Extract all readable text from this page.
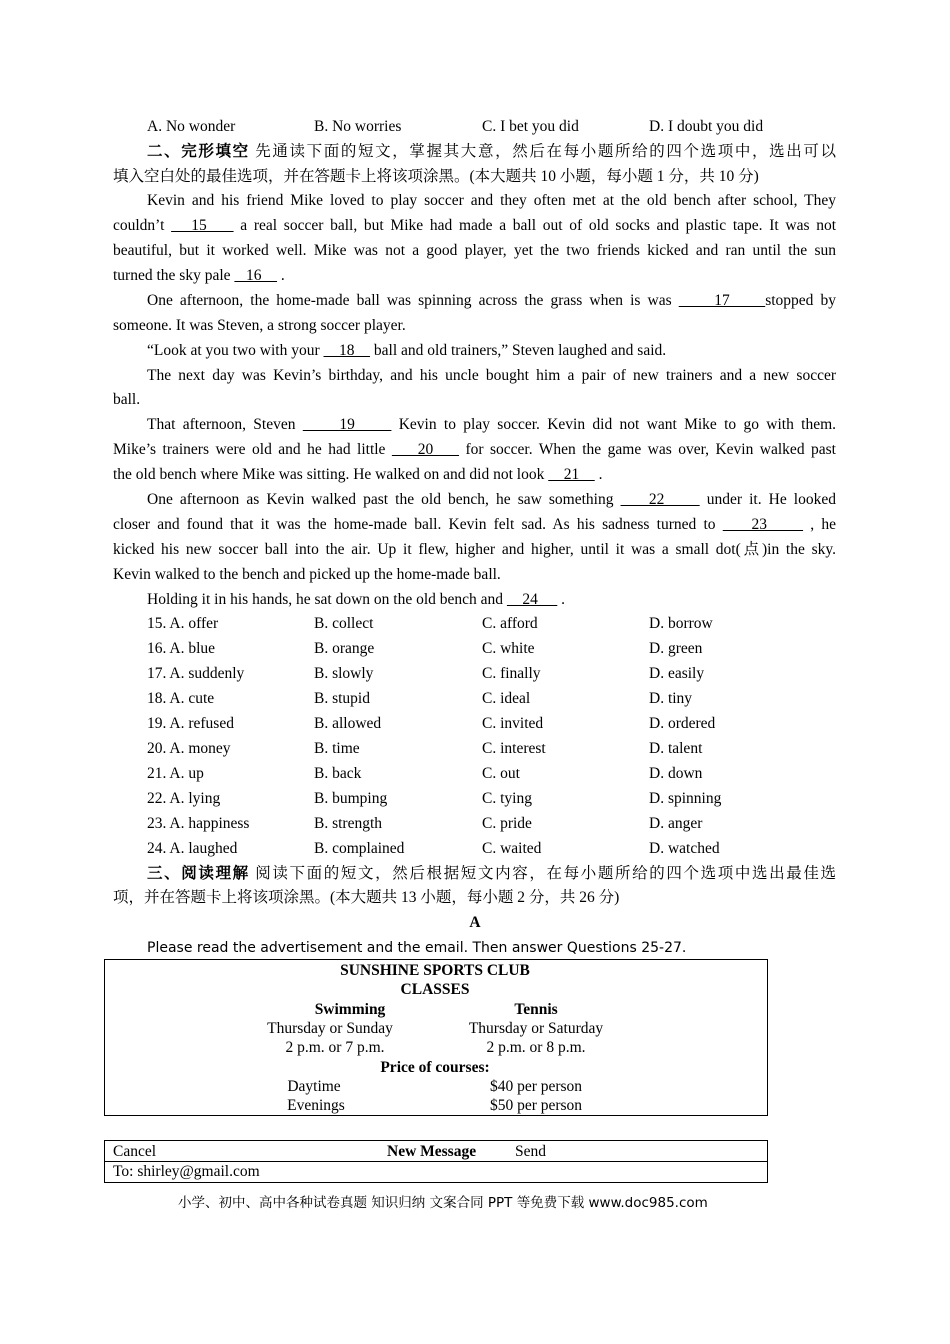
A. No wonder	B. No worries	C. I bet you did	D. I doubt you did
二、完形填空 先通读下面的短文，掌握其大意，然后在每小题所给的四个选项中，选出可以
填入空白处的最佳选项，并在答题卡上将该项涂黑。(本大题共 10 小题，每小题 1 分，共 10 分)
Kevin and his friend Mike loved to play soccer and they often met at the old bench after school, They
couldn’t    15     a real soccer ball, but Mike had made a ball out of old socks and plastic tape. It was not
beautiful, but it worked well. Mike was not a good player, yet the two friends kicked and ran until the sun
turned the sky pale    16     .
One afternoon, the home-made ball was spinning across the grass when is was      17     stopped by
someone. It was Steven, a strong soccer player.
“Look at you two with your     18     ball and old trainers,” Steven laughed and said.
The next day was Kevin’s birthday, and his uncle bought him a pair of new trainers and a new soccer
ball.
That afternoon, Steven      19      Kevin to play soccer. Kevin did not want Mike to go with them.
Mike’s trainers were old and he had little     20     for soccer. When the game was over, Kevin walked past
the old bench where Mike was sitting. He walked on and did not look     21     .
One afternoon as Kevin walked past the old bench, he saw something     22      under it. He looked
closer and found that it was the home-made ball. Kevin felt sad. As his sadness turned to     23      , he
kicked his new soccer ball into the air. Up it flew, higher and higher, until it was a small dot(点)in the sky.
Kevin walked to the bench and picked up the home-made ball.
Holding it in his hands, he sat down on the old bench and     24      .
15. A. offer	B. collect	C. afford	D. borrow
16. A. blue	B. orange	C. white	D. green
17. A. suddenly	B. slowly	C. finally	D. easily
18. A. cute	B. stupid	C. ideal	D. tiny
19. A. refused	B. allowed	C. invited	D. ordered
20. A. money	B. time	C. interest	D. talent
21. A. up	B. back	C. out	D. down
22. A. lying	B. bumping	C. tying	D. spinning
23. A. happiness	B. strength	C. pride	D. anger
24. A. laughed	B. complained	C. waited	D. watched
三、阅读理解 阅读下面的短文，然后根据短文内容，在每小题所给的四个选项中选出最佳选
项，并在答题卡上将该项涂黑。(本大题共 13 小题，每小题 2 分，共 26 分)
A
Please read the advertisement and the email. Then answer Questions 25-27.
SUNSHINE SPORTS CLUB
CLASSES
Swimming	Tennis
Thursday or Sunday	Thursday or Saturday
2 p.m. or 7 p.m.	2 p.m. or 8 p.m.
Price of courses:
Daytime	$40 per person
Evenings	$50 per person
Cancel	New Message	Send
To: shirley@gmail.com
小学、初中、高中各种试卷真题 知识归纳 文案合同 PPT 等免费下载 www.doc985.com
